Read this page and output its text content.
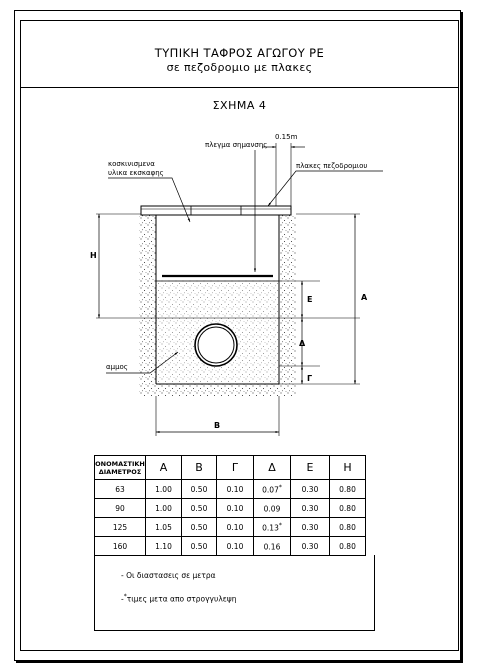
ΤΥΠΙΚΗ ΤΑΦΡΟΣ ΑΓΩΓΟΥ PE
σε πεζοδρομιο με πλακες
ΣΧΗΜΑ 4
Η
Α
Ε
Δ
Γ
Β
0.15m
πλεγμα σημανσης
πλακες πεζοδρομιου
κοσκινισμενα
υλικα εκσκαφης
αμμος
ΟΝΟΜΑΣΤΙΚΗ
ΔΙΑΜΕΤΡΟΣ	Α	Β	Γ	Δ	Ε	Η
63	1.00	0.50	0.10	0.07*	0.30	0.80
90	1.00	0.50	0.10	0.09	0.30	0.80
125	1.05	0.50	0.10	0.13*	0.30	0.80
160	1.10	0.50	0.10	0.16	0.30	0.80
- Οι διαστασεις σε μετρα
-*τιμες μετα απο στρογγυλεψη
